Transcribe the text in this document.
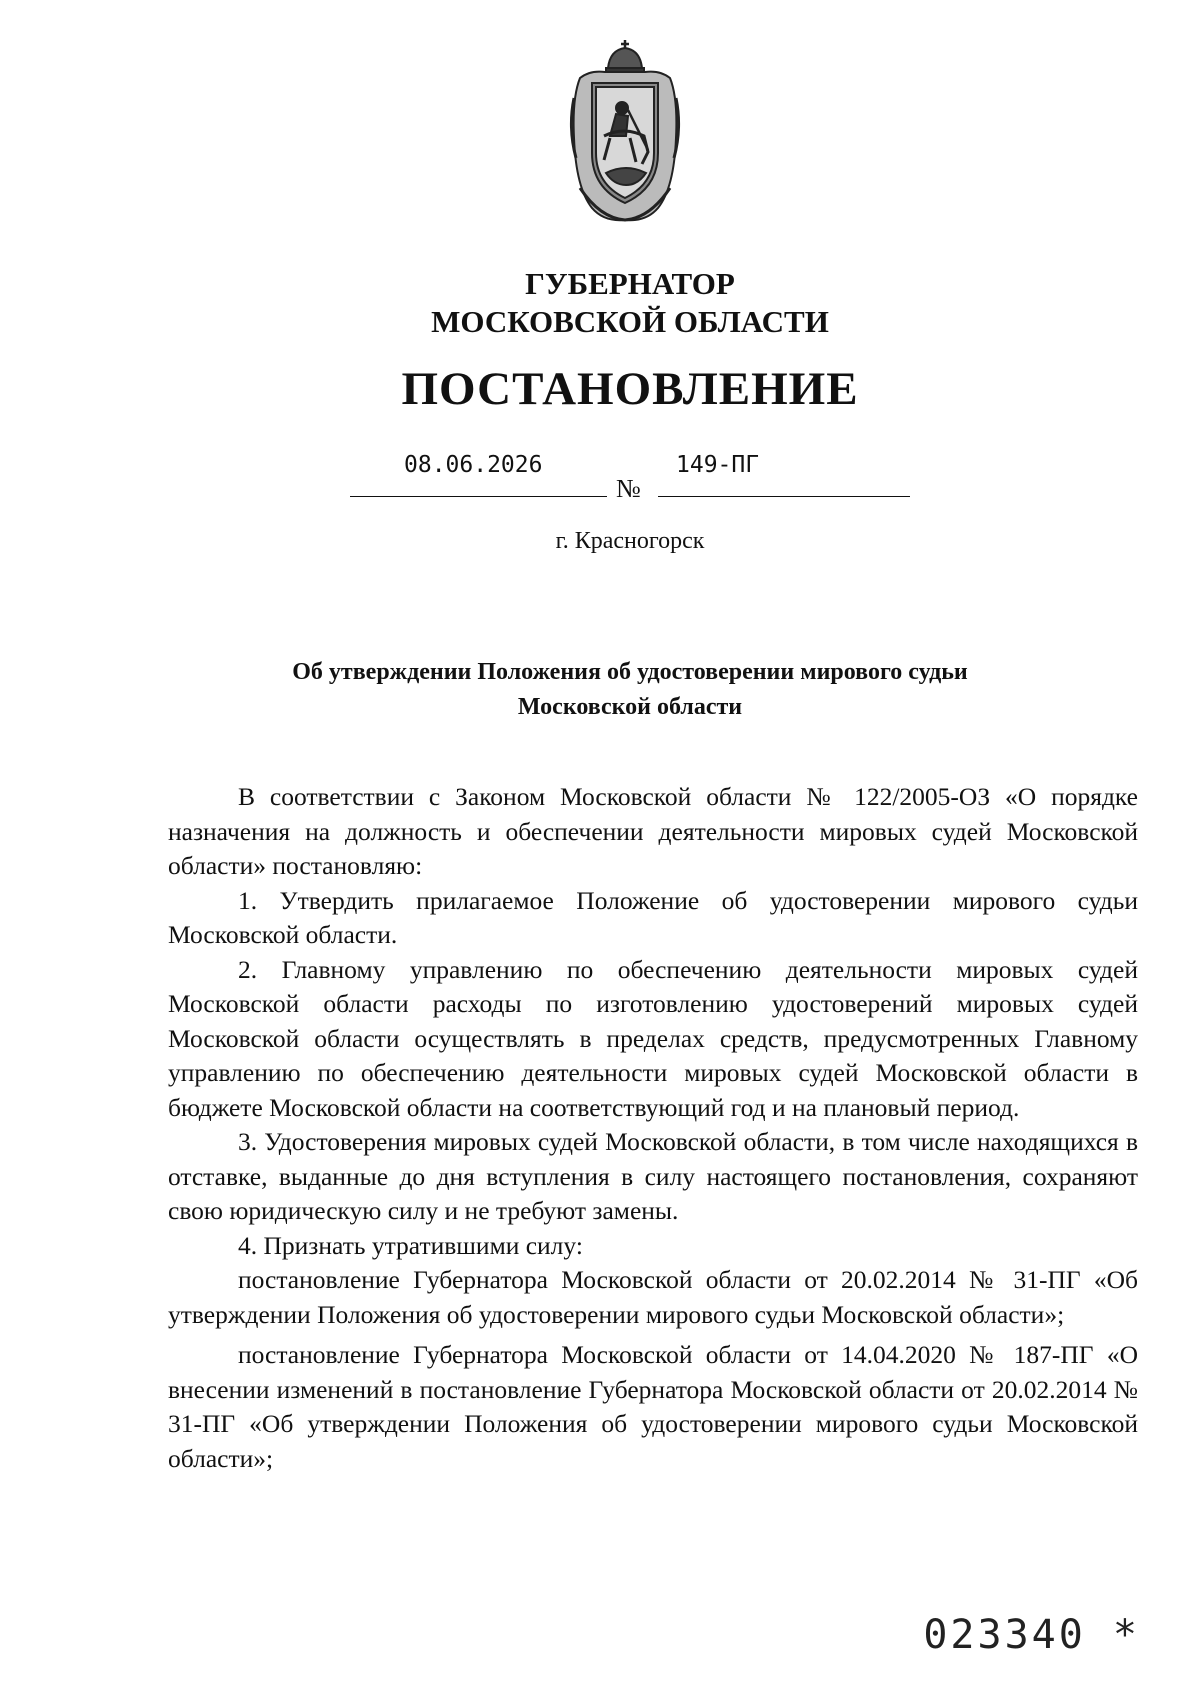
ГУБЕРНАТОР
МОСКОВСКОЙ ОБЛАСТИ
ПОСТАНОВЛЕНИЕ
08.06.2026
№
149-ПГ
г. Красногорск
Об утверждении Положения об удостоверении мирового судьи
Московской области

В соответствии с Законом Московской области № 122/2005-ОЗ «О порядке назначения на должность и обеспечении деятельности мировых судей Московской области» постановляю:

1. Утвердить прилагаемое Положение об удостоверении мирового судьи Московской области.

2. Главному управлению по обеспечению деятельности мировых судей Московской области расходы по изготовлению удостоверений мировых судей Московской области осуществлять в пределах средств, предусмотренных Главному управлению по обеспечению деятельности мировых судей Московской области в бюджете Московской области на соответствующий год и на плановый период.

3. Удостоверения мировых судей Московской области, в том числе находящихся в отставке, выданные до дня вступления в силу настоящего постановления, сохраняют свою юридическую силу и не требуют замены.

4. Признать утратившими силу:

постановление Губернатора Московской области от 20.02.2014 № 31-ПГ «Об утверждении Положения об удостоверении мирового судьи Московской области»;

постановление Губернатора Московской области от 14.04.2020 № 187-ПГ «О внесении изменений в постановление Губернатора Московской области от 20.02.2014 № 31-ПГ «Об утверждении Положения об удостоверении мирового судьи Московской области»;

023340 *
